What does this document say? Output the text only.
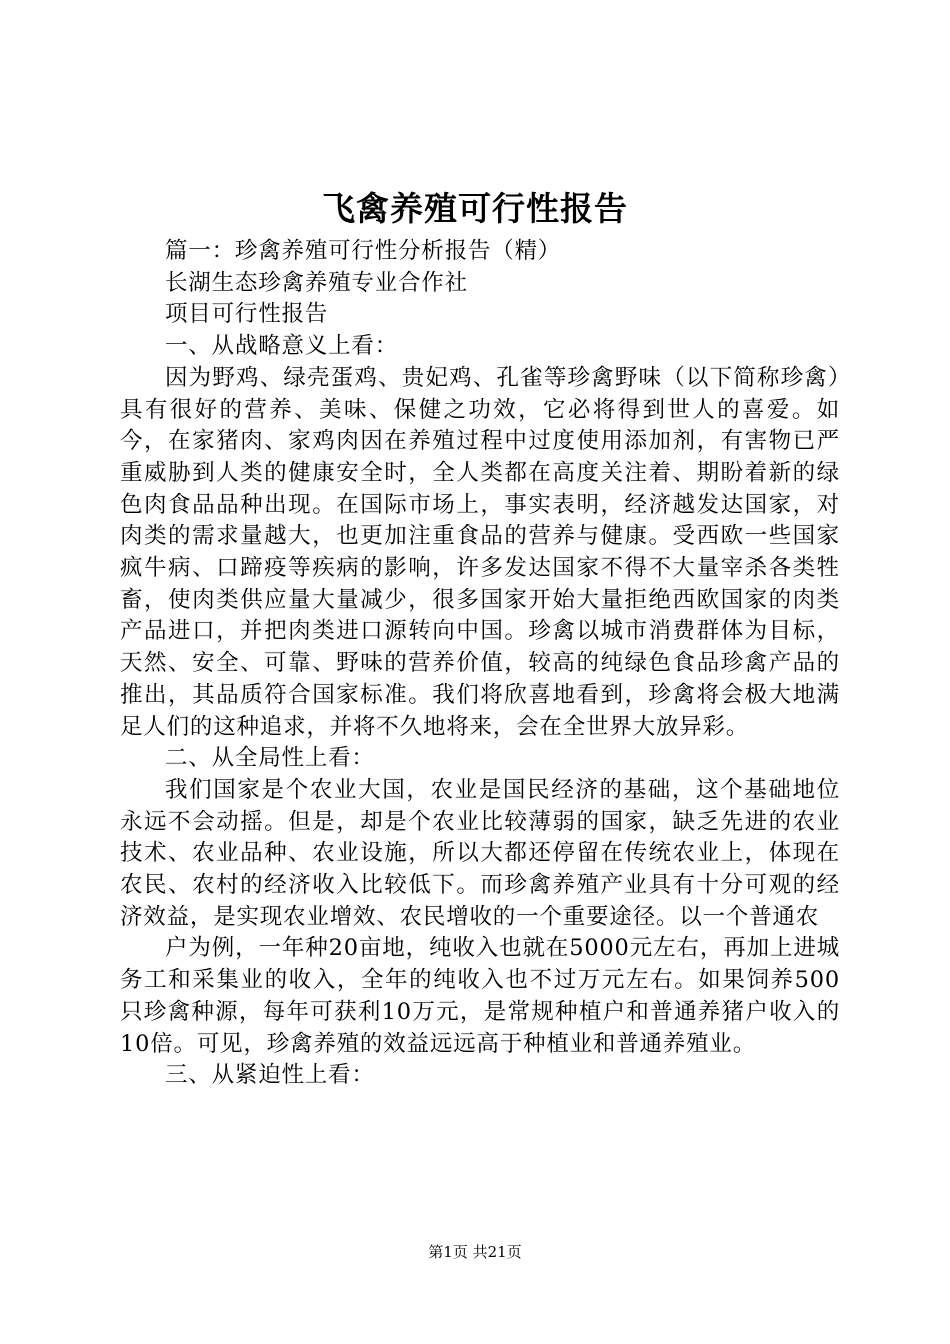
飞禽养殖可行性报告

篇一：珍禽养殖可行性分析报告（精）

长湖生态珍禽养殖专业合作社

项目可行性报告

一、从战略意义上看：

因为野鸡、绿壳蛋鸡、贵妃鸡、孔雀等珍禽野味（以下简称珍禽）具有很好的营养、美味、保健之功效，它必将得到世人的喜爱。如今，在家猪肉、家鸡肉因在养殖过程中过度使用添加剂，有害物已严重威胁到人类的健康安全时，全人类都在高度关注着、期盼着新的绿色肉食品品种出现。在国际市场上，事实表明，经济越发达国家，对肉类的需求量越大，也更加注重食品的营养与健康。受西欧一些国家疯牛病、口蹄疫等疾病的影响，许多发达国家不得不大量宰杀各类牲畜，使肉类供应量大量减少，很多国家开始大量拒绝西欧国家的肉类产品进口，并把肉类进口源转向中国。珍禽以城市消费群体为目标，天然、安全、可靠、野味的营养价值，较高的纯绿色食品珍禽产品的推出，其品质符合国家标准。我们将欣喜地看到，珍禽将会极大地满足人们的这种追求，并将不久地将来，会在全世界大放异彩。

二、从全局性上看：

我们国家是个农业大国，农业是国民经济的基础，这个基础地位永远不会动摇。但是，却是个农业比较薄弱的国家，缺乏先进的农业技术、农业品种、农业设施，所以大都还停留在传统农业上，体现在农民、农村的经济收入比较低下。而珍禽养殖产业具有十分可观的经济效益，是实现农业增效、农民增收的一个重要途径。以一个普通农

户为例，一年种20亩地，纯收入也就在5000元左右，再加上进城务工和采集业的收入，全年的纯收入也不过万元左右。如果饲养500只珍禽种源，每年可获利10万元，是常规种植户和普通养猪户收入的10倍。可见，珍禽养殖的效益远远高于种植业和普通养殖业。

三、从紧迫性上看：

第1页 共21页
